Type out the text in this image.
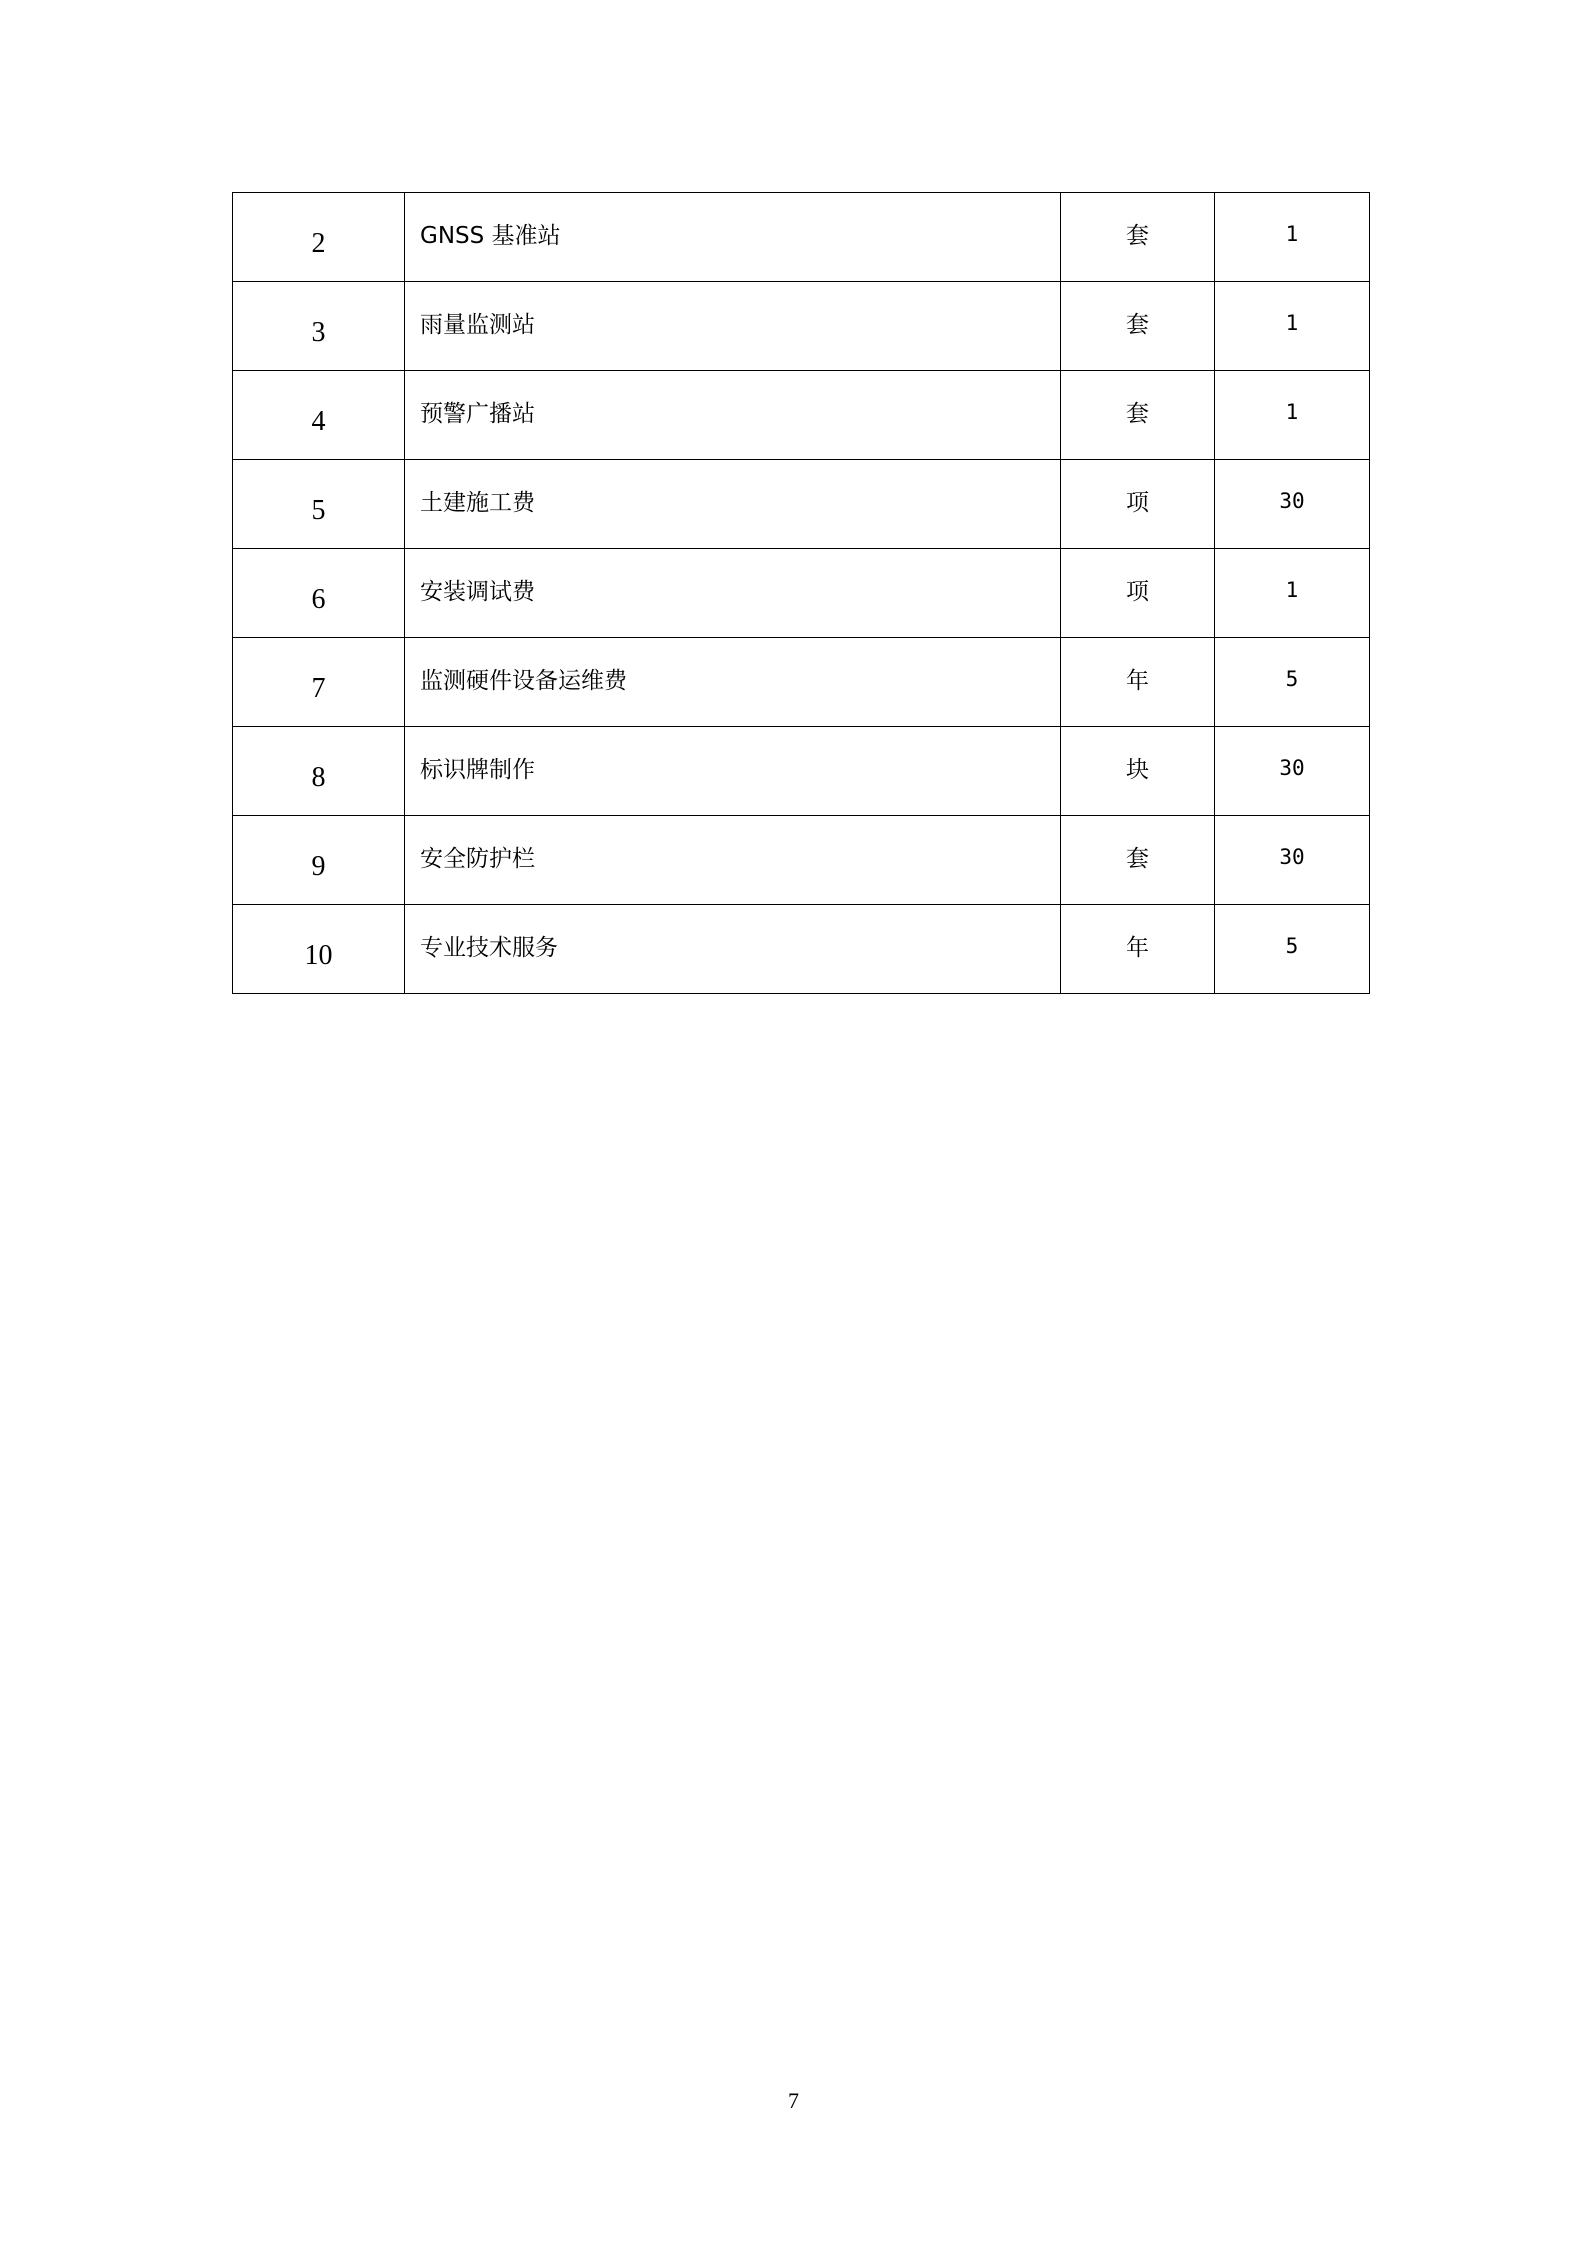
2	GNSS 基准站	套	1
3	雨量监测站	套	1
4	预警广播站	套	1
5	土建施工费	项	30
6	安装调试费	项	1
7	监测硬件设备运维费	年	5
8	标识牌制作	块	30
9	安全防护栏	套	30
10	专业技术服务	年	5
7
